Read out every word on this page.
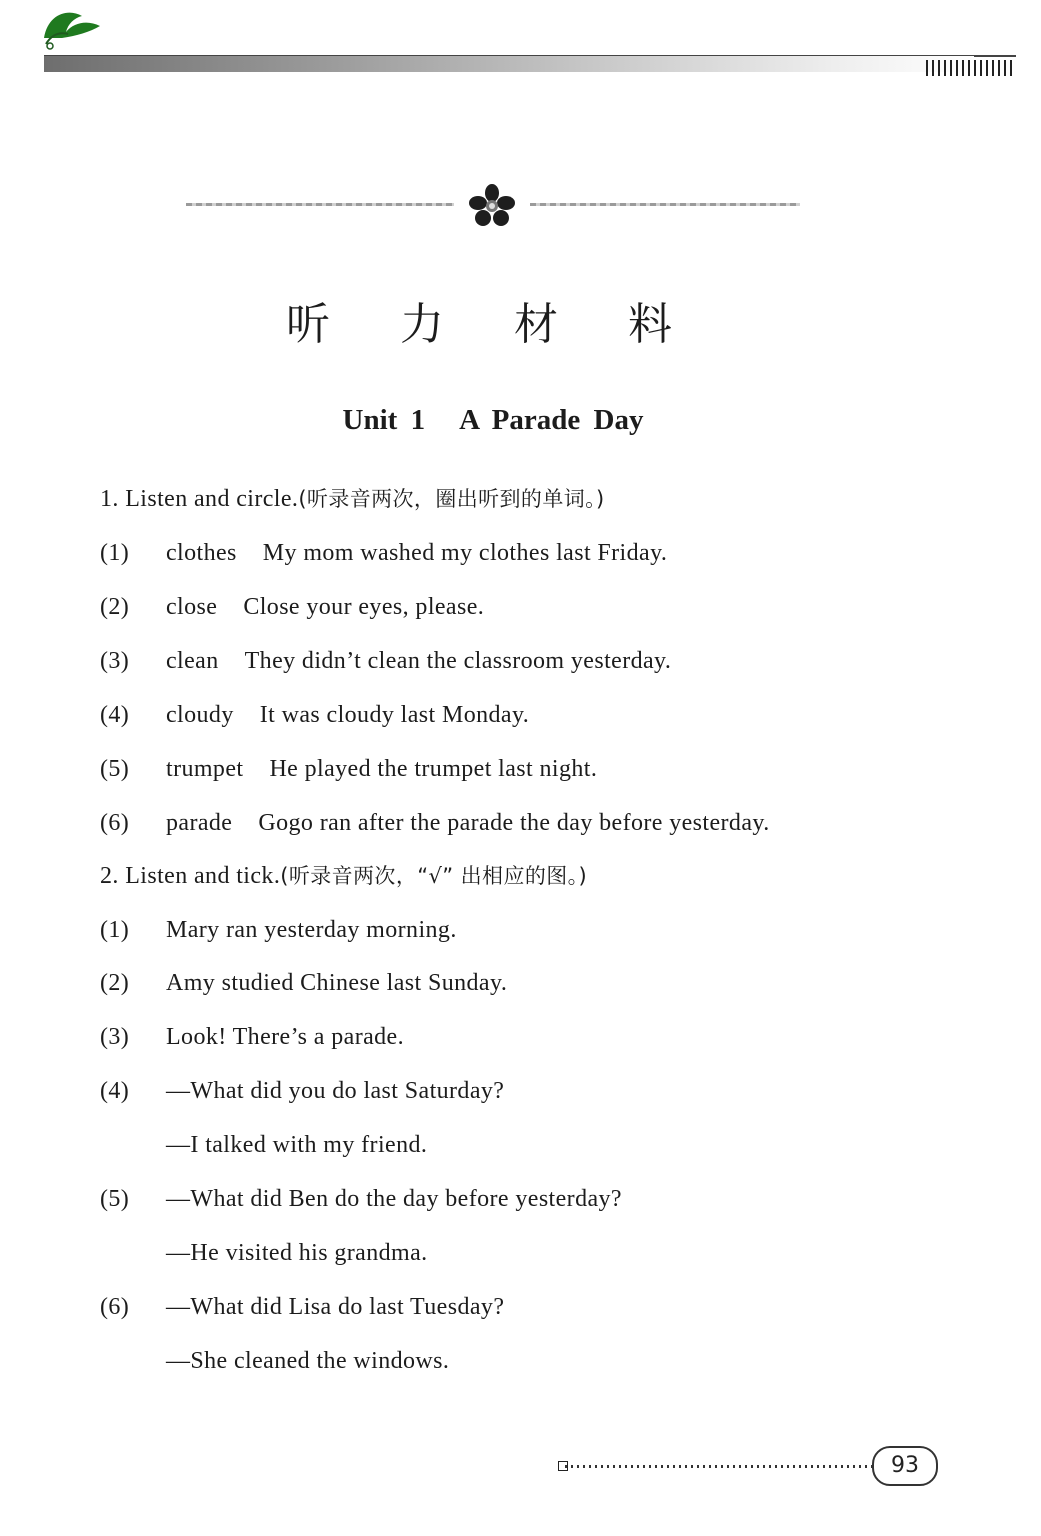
听 力 材 料
Unit 1 A Parade Day
1. Listen and circle.(听录音两次，圈出听到的单词。)
(1) clothes My mom washed my clothes last Friday.
(2) close Close your eyes, please.
(3) clean They didn’t clean the classroom yesterday.
(4) cloudy It was cloudy last Monday.
(5) trumpet He played the trumpet last night.
(6) parade Gogo ran after the parade the day before yesterday.
2. Listen and tick.(听录音两次，“√” 出相应的图。)
(1) Mary ran yesterday morning.
(2) Amy studied Chinese last Sunday.
(3) Look! There’s a parade.
(4) —What did you do last Saturday?
—I talked with my friend.
(5) —What did Ben do the day before yesterday?
—He visited his grandma.
(6) —What did Lisa do last Tuesday?
—She cleaned the windows.
93
